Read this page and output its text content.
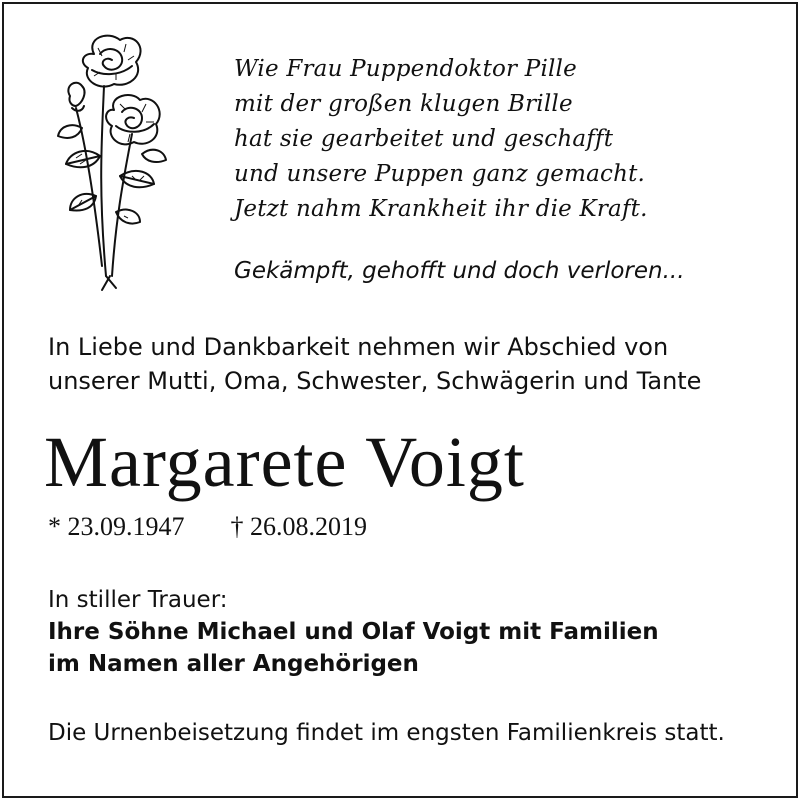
Wie Frau Puppendoktor Pille
mit der großen klugen Brille
hat sie gearbeitet und geschafft
und unsere Puppen ganz gemacht.
Jetzt nahm Krankheit ihr die Kraft.
Gekämpft, gehofft und doch verloren...
In Liebe und Dankbarkeit nehmen wir Abschied von
unserer Mutti, Oma, Schwester, Schwägerin und Tante
Margarete Voigt
* 23.09.1947 † 26.08.2019
In stiller Trauer:
Ihre Söhne Michael und Olaf Voigt mit Familien
im Namen aller Angehörigen
Die Urnenbeisetzung findet im engsten Familienkreis statt.
